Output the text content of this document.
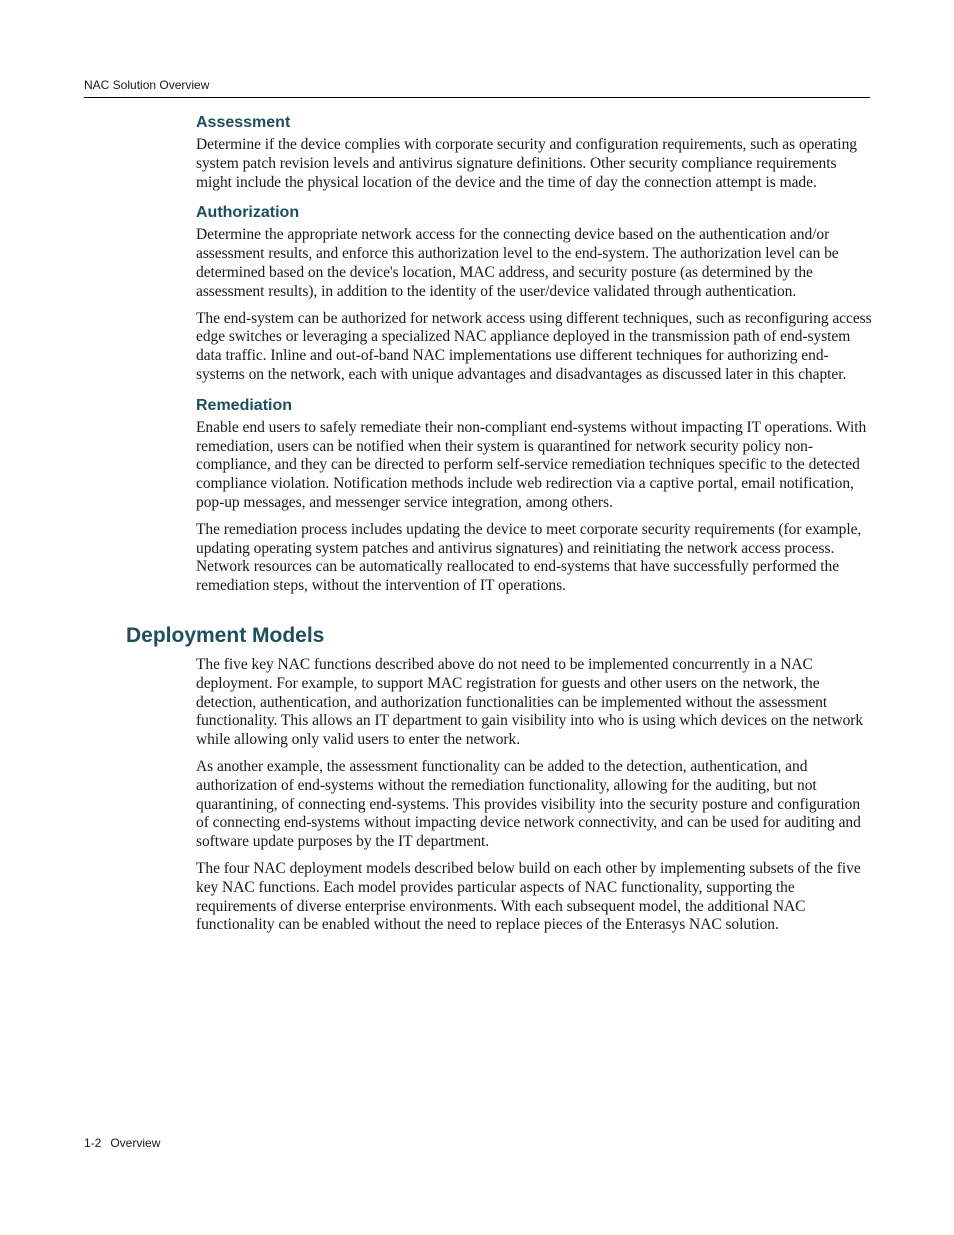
NAC Solution Overview
Assessment

Determine if the device complies with corporate security and configuration requirements, such as operating system patch revision levels and antivirus signature definitions. Other security compliance requirements might include the physical location of the device and the time of day the connection attempt is made.

Authorization

Determine the appropriate network access for the connecting device based on the authentication and/or assessment results, and enforce this authorization level to the end-system. The authorization level can be determined based on the device's location, MAC address, and security posture (as determined by the assessment results), in addition to the identity of the user/device validated through authentication.

The end-system can be authorized for network access using different techniques, such as reconfiguring access edge switches or leveraging a specialized NAC appliance deployed in the transmission path of end-system data traffic. Inline and out-of-band NAC implementations use different techniques for authorizing end-systems on the network, each with unique advantages and disadvantages as discussed later in this chapter.

Remediation

Enable end users to safely remediate their non-compliant end-systems without impacting IT operations. With remediation, users can be notified when their system is quarantined for network security policy non-compliance, and they can be directed to perform self-service remediation techniques specific to the detected compliance violation. Notification methods include web redirection via a captive portal, email notification, pop-up messages, and messenger service integration, among others.

The remediation process includes updating the device to meet corporate security requirements (for example, updating operating system patches and antivirus signatures) and reinitiating the network access process. Network resources can be automatically reallocated to end-systems that have successfully performed the remediation steps, without the intervention of IT operations.

Deployment Models

The five key NAC functions described above do not need to be implemented concurrently in a NAC deployment. For example, to support MAC registration for guests and other users on the network, the detection, authentication, and authorization functionalities can be implemented without the assessment functionality. This allows an IT department to gain visibility into who is using which devices on the network while allowing only valid users to enter the network.

As another example, the assessment functionality can be added to the detection, authentication, and authorization of end-systems without the remediation functionality, allowing for the auditing, but not quarantining, of connecting end-systems. This provides visibility into the security posture and configuration of connecting end-systems without impacting device network connectivity, and can be used for auditing and software update purposes by the IT department.

The four NAC deployment models described below build on each other by implementing subsets of the five key NAC functions. Each model provides particular aspects of NAC functionality, supporting the requirements of diverse enterprise environments. With each subsequent model, the additional NAC functionality can be enabled without the need to replace pieces of the Enterasys NAC solution.

1-2 Overview
